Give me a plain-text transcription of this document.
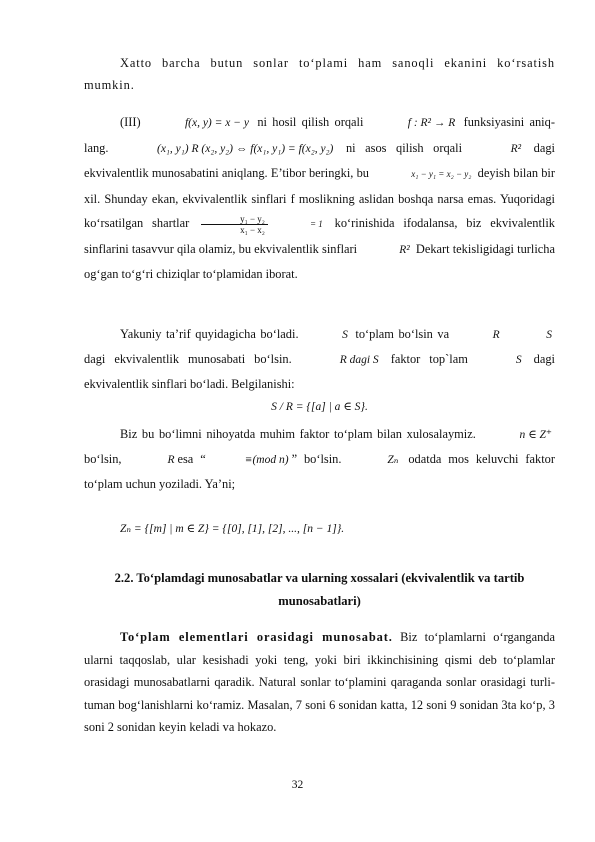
Xatto barcha butun sonlar to‘plami ham sanoqli ekanini ko‘rsatish mumkin.
(III)	f(x, y) = x − y ni hosil qilish orqali	f : R² → R funksiyasini aniq-lang.	(x₁, y₁) R (x₂, y₂) ⇔ f(x₁, y₁) = f(x₂, y₂) ni asos qilish orqali	R² dagi ekvivalentlik munosabatini aniqlang. E’tibor beringki, bu	x₁ − y₁ = x₂ − y₂ deyish bilan bir xil. Shunday ekan, ekvivalentlik sinflari f moslikning aslidan boshqa narsa emas. Yuqoridagi ko‘rsatilgan shartlar $\frac{\text{y₁ − y₂}}{\text{x₁ − x₂}}$	= 1 ko‘rinishida ifodalansa, biz ekvivalentlik sinflarini tasavvur qila olamiz, bu ekvivalentlik sinflari	R² Dekart tekisligidagi turlicha og‘gan to‘g‘ri chiziqlar to‘plamidan iborat.
Yakuniy ta’rif quyidagicha bo‘ladi.	S to‘plam bo‘lsin va	R	S dagi ekvivalentlik munosabati bo‘lsin.	R dagi S faktor top`lam	S dagi ekvivalentlik sinflari bo‘ladi. Belgilanishi:
S / R = {[a] | a ∈ S}.
Biz bu bo‘limni nihoyatda muhim faktor to‘plam bilan xulosalaymiz.	n ∈ Z⁺ bo‘lsin,	R esa “	≡(mod n) ” bo‘lsin.	Zₙ odatda mos keluvchi faktor to‘plam uchun yoziladi. Ya’ni;
Zₙ = {[m] | m ∈ Z} = {[0], [1], [2], ..., [n − 1]}.
2.2. To‘plamdagi munosabatlar va ularning xossalari (ekvivalentlik va tartib munosabatlari)
To‘plam elementlari orasidagi munosabat. Biz to‘plamlarni o‘rganganda ularni taqqoslab, ular kesishadi yoki teng, yoki biri ikkinchisining qismi deb to‘plamlar orasidagi munosabatlarni qaradik. Natural sonlar to‘plamini qaraganda sonlar orasidagi turli-tuman bog‘lanishlarni ko‘ramiz. Masalan, 7 soni 6 sonidan katta, 12 soni 9 sonidan 3ta ko‘p, 3 soni 2 sonidan keyin keladi va hokazo.
32
